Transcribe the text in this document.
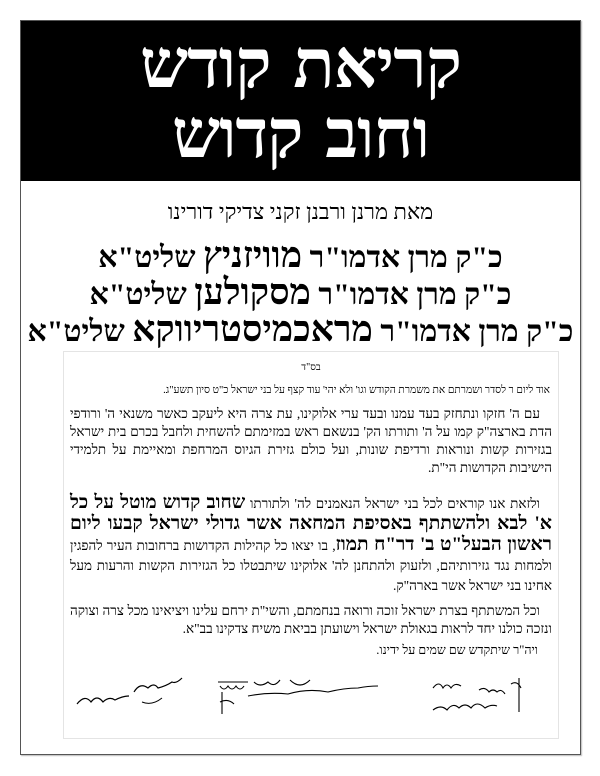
קריאת קודש
וחוב קדוש
מאת מרנן ורבנן זקני צדיקי דורינו
כ"ק מרן אדמו"ר מוויזניץ שליט"א
כ"ק מרן אדמו"ר מסקולען שליט"א
כ"ק מרן אדמו"ר מראכמיסטריווקא שליט"א
בס"ד
אוד ליום ר לסדר ושמרתם את משמרת הקודש וגו' ולא יהי' עוד קצף על בני ישראל כ"ט סיון תשע"ג.
עם ה' חזקו ונתחזק בעד עמנו ובעד ערי אלוקינו, עת צרה היא ליעקב כאשר משנאי ה' ורודפי הדת בארצה"ק קמו על ה' ותורתו הק' בנשאם ראש במזימתם להשחית ולחבל בכרם בית ישראל בגזירות קשות ונוראות ורדיפת שונות, ועל כולם גזירת הגיוס המרחפת ומאיימת על תלמידי הישיבות הקדושות הי"ת.
ולזאת אנו קוראים לכל בני ישראל הנאמנים לה' ולתורתו שחוב קדוש מוטל על כל א' לבא ולהשתתף באסיפת המחאה אשר גדולי ישראל קבעו ליום ראשון הבעל"ט ב' דר"ח תמוז, בו יצאו כל קהילות הקדושות ברחובות העיר להפגין ולמחות נגד גזירותיהם, ולזעוק ולהתחנן לה' אלוקינו שיתבטלו כל הגזירות הקשות והרעות מעל אחינו בני ישראל אשר בארה"ק.
וכל המשתתף בצרת ישראל זוכה ורואה בנחמתם, והשי"ת ירחם עלינו ויציאינו מכל צרה וצוקה ונזכה כולנו יחד לראות בגאולת ישראל וישועתן בביאת משיח צדקינו בב"א.
ויה"ר שיתקדש שם שמים על ידינו.
